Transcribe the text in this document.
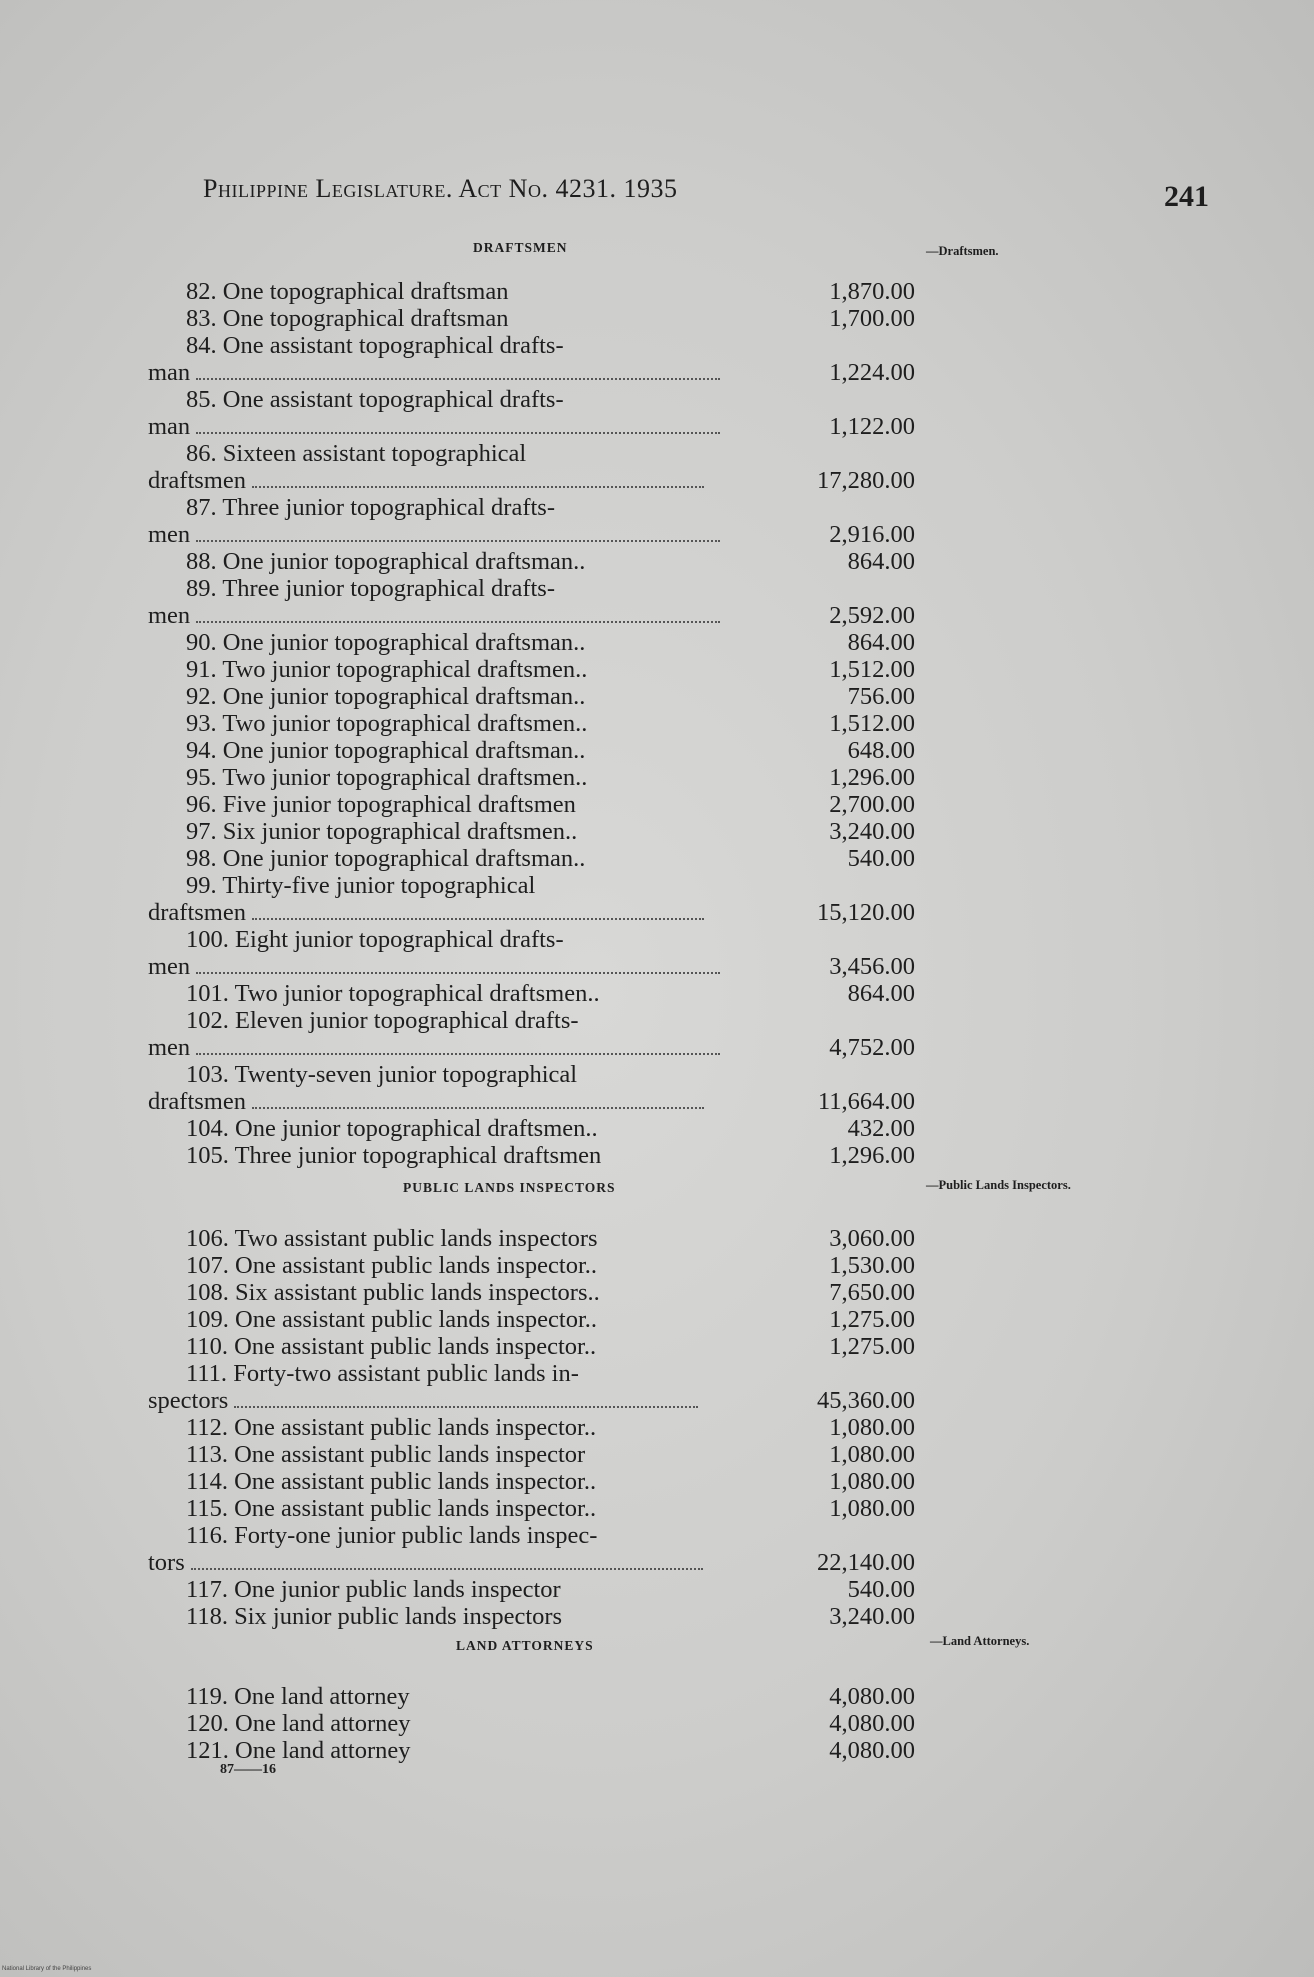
Philippine Legislature. Act No. 4231. 1935	241
DRAFTSMEN	—Draftsmen.
PUBLIC LANDS INSPECTORS	—Public Lands Inspectors.
LAND ATTORNEYS	—Land Attorneys.
82. One topographical draftsman	1,870.00
83. One topographical draftsman	1,700.00
84. One assistant topographical drafts-
man	1,224.00
85. One assistant topographical drafts-
man	1,122.00
86. Sixteen assistant topographical
draftsmen	17,280.00
87. Three junior topographical drafts-
men	2,916.00
88. One junior topographical draftsman..	864.00
89. Three junior topographical drafts-
men	2,592.00
90. One junior topographical draftsman..	864.00
91. Two junior topographical draftsmen..	1,512.00
92. One junior topographical draftsman..	756.00
93. Two junior topographical draftsmen..	1,512.00
94. One junior topographical draftsman..	648.00
95. Two junior topographical draftsmen..	1,296.00
96. Five junior topographical draftsmen	2,700.00
97. Six junior topographical draftsmen..	3,240.00
98. One junior topographical draftsman..	540.00
99. Thirty-five junior topographical
draftsmen	15,120.00
100. Eight junior topographical drafts-
men	3,456.00
101. Two junior topographical draftsmen..	864.00
102. Eleven junior topographical drafts-
men	4,752.00
103. Twenty-seven junior topographical
draftsmen	11,664.00
104. One junior topographical draftsmen..	432.00
105. Three junior topographical draftsmen	1,296.00
106. Two assistant public lands inspectors	3,060.00
107. One assistant public lands inspector..	1,530.00
108. Six assistant public lands inspectors..	7,650.00
109. One assistant public lands inspector..	1,275.00
110. One assistant public lands inspector..	1,275.00
111. Forty-two assistant public lands in-
spectors	45,360.00
112. One assistant public lands inspector..	1,080.00
113. One assistant public lands inspector	1,080.00
114. One assistant public lands inspector..	1,080.00
115. One assistant public lands inspector..	1,080.00
116. Forty-one junior public lands inspec-
tors	22,140.00
117. One junior public lands inspector	540.00
118. Six junior public lands inspectors	3,240.00
119. One land attorney	4,080.00
120. One land attorney	4,080.00
121. One land attorney	4,080.00
87——16
National Library of the Philippines
